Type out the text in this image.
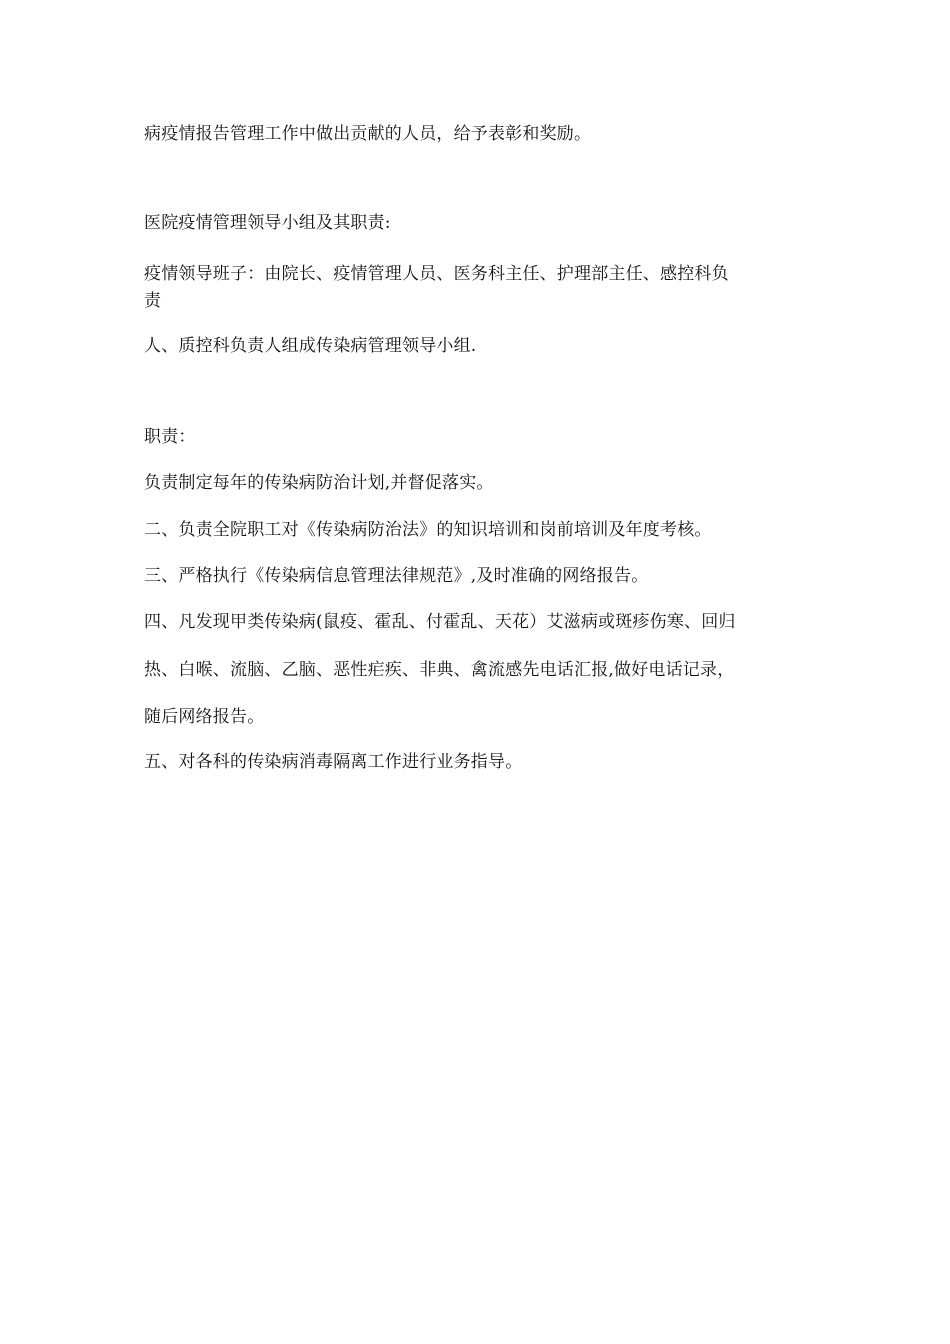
病疫情报告管理工作中做出贡献的人员，给予表彰和奖励。
医院疫情管理领导小组及其职责:
疫情领导班子：由院长、疫情管理人员、医务科主任、护理部主任、感控科负
责
人、质控科负责人组成传染病管理领导小组.
职责：
负责制定每年的传染病防治计划,并督促落实。
二、负责全院职工对《传染病防治法》的知识培训和岗前培训及年度考核。
三、严格执行《传染病信息管理法律规范》,及时准确的网络报告。
四、凡发现甲类传染病(鼠疫、霍乱、付霍乱、天花）艾滋病或斑疹伤寒、回归
热、白喉、流脑、乙脑、恶性疟疾、非典、禽流感先电话汇报,做好电话记录，
随后网络报告。
五、对各科的传染病消毒隔离工作进行业务指导。
